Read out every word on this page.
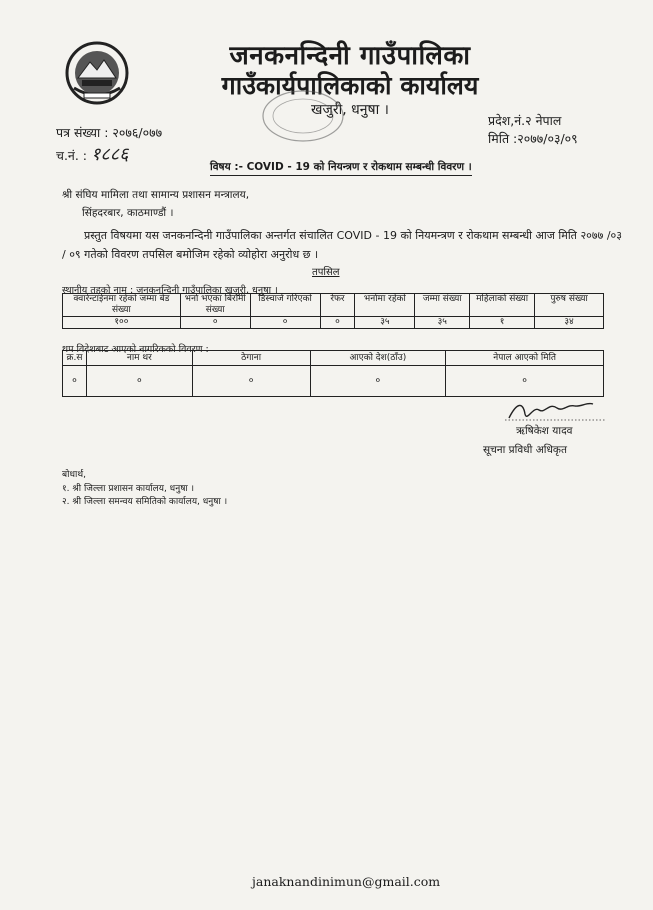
जनकनन्दिनी गाउँपालिका
गाउँकार्यपालिकाको कार्यालय
खजुरी, धनुषा ।
पत्र संख्या : २०७६/०७७
च.नं. : १८८६
प्रदेश,नं.२ नेपाल
मिति :२०७७/०३/०९
विषय :- COVID - 19 को नियन्त्रण र रोकथाम सम्बन्धी विवरण ।
श्री संघिय मामिला तथा सामान्य प्रशासन मन्त्रालय,
सिंहदरबार, काठमाण्डौं ।
प्रस्तुत विषयमा यस जनकनन्दिनी गाउँपालिका अन्तर्गत संचालित COVID - 19 को नियमन्त्रण र रोकथाम सम्बन्धी आज मिति २०७७ /०३ / ०९ गतेको विवरण तपसिल बमोजिम रहेको व्योहोरा अनुरोध छ ।
तपसिल
स्थानीय तहको नाम : जनकनन्दिनी गाउँपालिका खजुरी, धनुषा ।
क्वारेन्टाईनमा रहेको जम्मा बेड संख्या	भर्ना भएका बिरामी संख्या	डिस्चार्ज गरिएको	रेफर	भर्नामा रहेको	जम्मा संख्या	महिलाको संख्या	पुरुष संख्या
१००	०	०	०	३५	३५	१	३४
थप विदेशबाट आएको नागरिकको विवरण :
क्र.स	नाम थर	ठेगाना	आएको देश(ठाँउ)	नेपाल आएको मिति
०	०	०	०	०
ऋषिकेश यादव
सूचना प्रविधी अधिकृत
बोधार्थ,
१. श्री जिल्ला प्रशासन कार्यालय, धनुषा ।
२. श्री जिल्ला समन्वय समितिको कार्यालय, धनुषा ।
janaknandinimun@gmail.com
